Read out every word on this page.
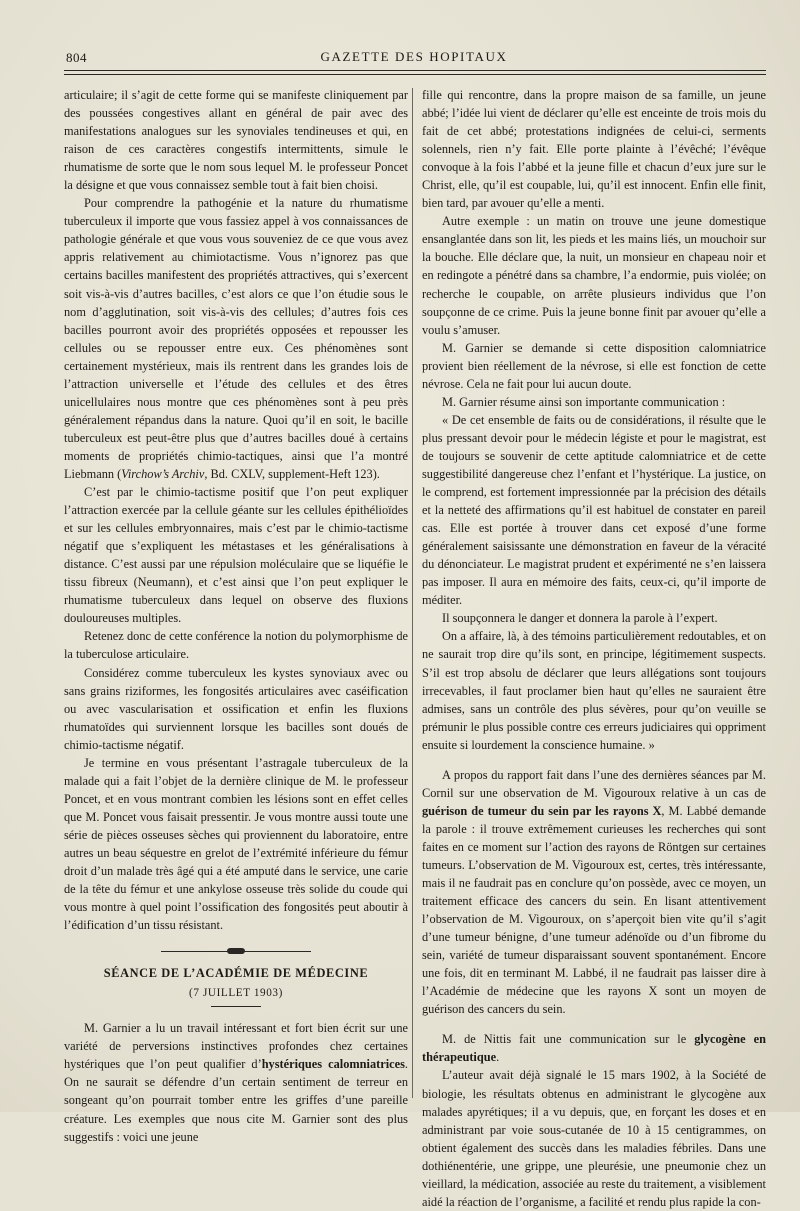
804	GAZETTE DES HOPITAUX

articulaire; il s’agit de cette forme qui se manifeste cliniquement par des poussées congestives allant en général de pair avec des manifestations analogues sur les synoviales tendineuses et qui, en raison de ces caractères congestifs intermittents, simule le rhumatisme de sorte que le nom sous lequel M. le professeur Poncet la désigne et que vous connaissez semble tout à fait bien choisi.

Pour comprendre la pathogénie et la nature du rhumatisme tuberculeux il importe que vous fassiez appel à vos connaissances de pathologie générale et que vous vous souveniez de ce que vous avez appris relativement au chimiotactisme. Vous n’ignorez pas que certains bacilles manifestent des propriétés attractives, qui s’exercent soit vis-à-vis d’autres bacilles, c’est alors ce que l’on étudie sous le nom d’agglutination, soit vis-à-vis des cellules; d’autres fois ces bacilles pourront avoir des propriétés opposées et repousser les cellules ou se repousser entre eux. Ces phénomènes sont certainement mystérieux, mais ils rentrent dans les grandes lois de l’attraction universelle et l’étude des cellules et des êtres unicellulaires nous montre que ces phénomènes sont à peu près généralement répandus dans la nature. Quoi qu’il en soit, le bacille tuberculeux est peut-être plus que d’autres bacilles doué à certains moments de propriétés chimio-tactiques, ainsi que l’a montré Liebmann (Virchow’s Archiv, Bd. CXLV, supplement-Heft 123).

C’est par le chimio-tactisme positif que l’on peut expliquer l’attraction exercée par la cellule géante sur les cellules épithélioïdes et sur les cellules embryonnaires, mais c’est par le chimio-tactisme négatif que s’expliquent les métastases et les généralisations à distance. C’est aussi par une répulsion moléculaire que se liquéfie le tissu fibreux (Neumann), et c’est ainsi que l’on peut expliquer le rhumatisme tuberculeux dans lequel on observe des fluxions douloureuses multiples.

Retenez donc de cette conférence la notion du polymorphisme de la tuberculose articulaire.

Considérez comme tuberculeux les kystes synoviaux avec ou sans grains riziformes, les fongosités articulaires avec caséification ou avec vascularisation et ossification et enfin les fluxions rhumatoïdes qui surviennent lorsque les bacilles sont doués de chimio-tactisme négatif.

Je termine en vous présentant l’astragale tuberculeux de la malade qui a fait l’objet de la dernière clinique de M. le professeur Poncet, et en vous montrant combien les lésions sont en effet celles que M. Poncet vous faisait pressentir. Je vous montre aussi toute une série de pièces osseuses sèches qui proviennent du laboratoire, entre autres un beau séquestre en grelot de l’extrémité inférieure du fémur droit d’un malade très âgé qui a été amputé dans le service, une carie de la tête du fémur et une ankylose osseuse très solide du coude qui vous montre à quel point l’ossification des fongosités peut aboutir à l’édification d’un tissu résistant.

SÉANCE DE L’ACADÉMIE DE MÉDECINE
(7 JUILLET 1903)

M. Garnier a lu un travail intéressant et fort bien écrit sur une variété de perversions instinctives profondes chez certaines hystériques que l’on peut qualifier d’hystériques calomniatrices. On ne saurait se défendre d’un certain sentiment de terreur en songeant qu’on pourrait tomber entre les griffes d’une pareille créature. Les exemples que nous cite M. Garnier sont des plus suggestifs : voici une jeune

fille qui rencontre, dans la propre maison de sa famille, un jeune abbé; l’idée lui vient de déclarer qu’elle est enceinte de trois mois du fait de cet abbé; protestations indignées de celui-ci, serments solennels, rien n’y fait. Elle porte plainte à l’évêché; l’évêque convoque à la fois l’abbé et la jeune fille et chacun d’eux jure sur le Christ, elle, qu’il est coupable, lui, qu’il est innocent. Enfin elle finit, bien tard, par avouer qu’elle a menti.

Autre exemple : un matin on trouve une jeune domestique ensanglantée dans son lit, les pieds et les mains liés, un mouchoir sur la bouche. Elle déclare que, la nuit, un monsieur en chapeau noir et en redingote a pénétré dans sa chambre, l’a endormie, puis violée; on recherche le coupable, on arrête plusieurs individus que l’on soupçonne de ce crime. Puis la jeune bonne finit par avouer qu’elle a voulu s’amuser.

M. Garnier se demande si cette disposition calomniatrice provient bien réellement de la névrose, si elle est fonction de cette névrose. Cela ne fait pour lui aucun doute.

M. Garnier résume ainsi son importante communication :

« De cet ensemble de faits ou de considérations, il résulte que le plus pressant devoir pour le médecin légiste et pour le magistrat, est de toujours se souvenir de cette aptitude calomniatrice et de cette suggestibilité dangereuse chez l’enfant et l’hystérique. La justice, on le comprend, est fortement impressionnée par la précision des détails et la netteté des affirmations qu’il est habituel de constater en pareil cas. Elle est portée à trouver dans cet exposé d’une forme généralement saisissante une démonstration en faveur de la véracité du dénonciateur. Le magistrat prudent et expérimenté ne s’en laissera pas imposer. Il aura en mémoire des faits, ceux-ci, qu’il importe de méditer.

Il soupçonnera le danger et donnera la parole à l’expert.

On a affaire, là, à des témoins particulièrement redoutables, et on ne saurait trop dire qu’ils sont, en principe, légitimement suspects. S’il est trop absolu de déclarer que leurs allégations sont toujours irrecevables, il faut proclamer bien haut qu’elles ne sauraient être admises, sans un contrôle des plus sévères, pour qu’on veuille se prémunir le plus possible contre ces erreurs judiciaires qui oppriment ensuite si lourdement la conscience humaine. »

A propos du rapport fait dans l’une des dernières séances par M. Cornil sur une observation de M. Vigouroux relative à un cas de guérison de tumeur du sein par les rayons X, M. Labbé demande la parole : il trouve extrêmement curieuses les recherches qui sont faites en ce moment sur l’action des rayons de Röntgen sur certaines tumeurs. L’observation de M. Vigouroux est, certes, très intéressante, mais il ne faudrait pas en conclure qu’on possède, avec ce moyen, un traitement efficace des cancers du sein. En lisant attentivement l’observation de M. Vigouroux, on s’aperçoit bien vite qu’il s’agit d’une tumeur bénigne, d’une tumeur adénoïde ou d’un fibrome du sein, variété de tumeur disparaissant souvent spontanément. Encore une fois, dit en terminant M. Labbé, il ne faudrait pas laisser dire à l’Académie de médecine que les rayons X sont un moyen de guérison des cancers du sein.

M. de Nittis fait une communication sur le glycogène en thérapeutique.

L’auteur avait déjà signalé le 15 mars 1902, à la Société de biologie, les résultats obtenus en administrant le glycogène aux malades apyrétiques; il a vu depuis, que, en forçant les doses et en administrant par voie sous-cutanée de 10 à 15 centigrammes, on obtient également des succès dans les maladies fébriles. Dans une dothiénentérie, une grippe, une pleurésie, une pneumonie chez un vieillard, la médication, associée au reste du traitement, a visiblement aidé la réaction de l’organisme, a facilité et rendu plus rapide la con-
